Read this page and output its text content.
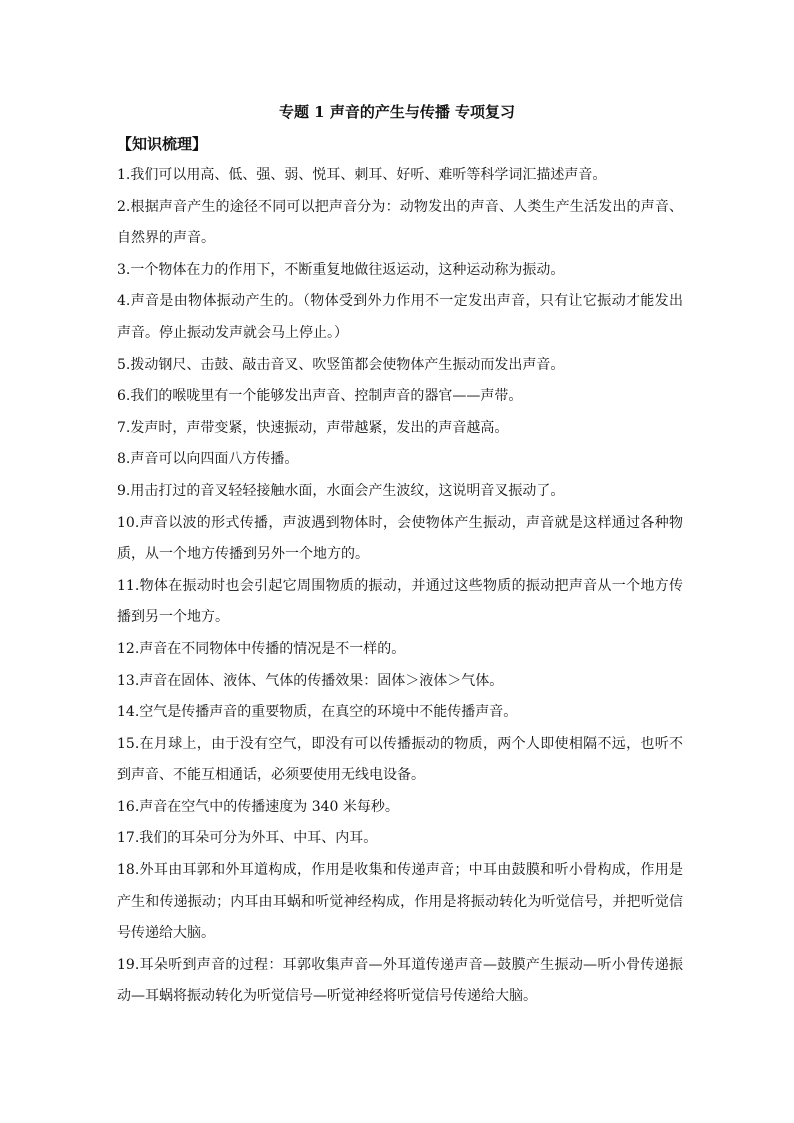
专题 1 声音的产生与传播 专项复习
【知识梳理】
1.我们可以用高、低、强、弱、悦耳、刺耳、好听、难听等科学词汇描述声音。
2.根据声音产生的途径不同可以把声音分为：动物发出的声音、人类生产生活发出的声音、自然界的声音。
3.一个物体在力的作用下，不断重复地做往返运动，这种运动称为振动。
4.声音是由物体振动产生的。（物体受到外力作用不一定发出声音，只有让它振动才能发出声音。停止振动发声就会马上停止。）
5.拨动钢尺、击鼓、敲击音叉、吹竖笛都会使物体产生振动而发出声音。
6.我们的喉咙里有一个能够发出声音、控制声音的器官——声带。
7.发声时，声带变紧，快速振动，声带越紧，发出的声音越高。
8.声音可以向四面八方传播。
9.用击打过的音叉轻轻接触水面，水面会产生波纹，这说明音叉振动了。
10.声音以波的形式传播，声波遇到物体时，会使物体产生振动，声音就是这样通过各种物质，从一个地方传播到另外一个地方的。
11.物体在振动时也会引起它周围物质的振动，并通过这些物质的振动把声音从一个地方传播到另一个地方。
12.声音在不同物体中传播的情况是不一样的。
13.声音在固体、液体、气体的传播效果：固体＞液体＞气体。
14.空气是传播声音的重要物质，在真空的环境中不能传播声音。
15.在月球上，由于没有空气，即没有可以传播振动的物质，两个人即使相隔不远，也听不到声音、不能互相通话，必须要使用无线电设备。
16.声音在空气中的传播速度为 340 米每秒。
17.我们的耳朵可分为外耳、中耳、内耳。
18.外耳由耳郭和外耳道构成，作用是收集和传递声音；中耳由鼓膜和听小骨构成，作用是产生和传递振动；内耳由耳蜗和听觉神经构成，作用是将振动转化为听觉信号，并把听觉信号传递给大脑。
19.耳朵听到声音的过程：耳郭收集声音—外耳道传递声音—鼓膜产生振动—听小骨传递振动—耳蜗将振动转化为听觉信号—听觉神经将听觉信号传递给大脑。
